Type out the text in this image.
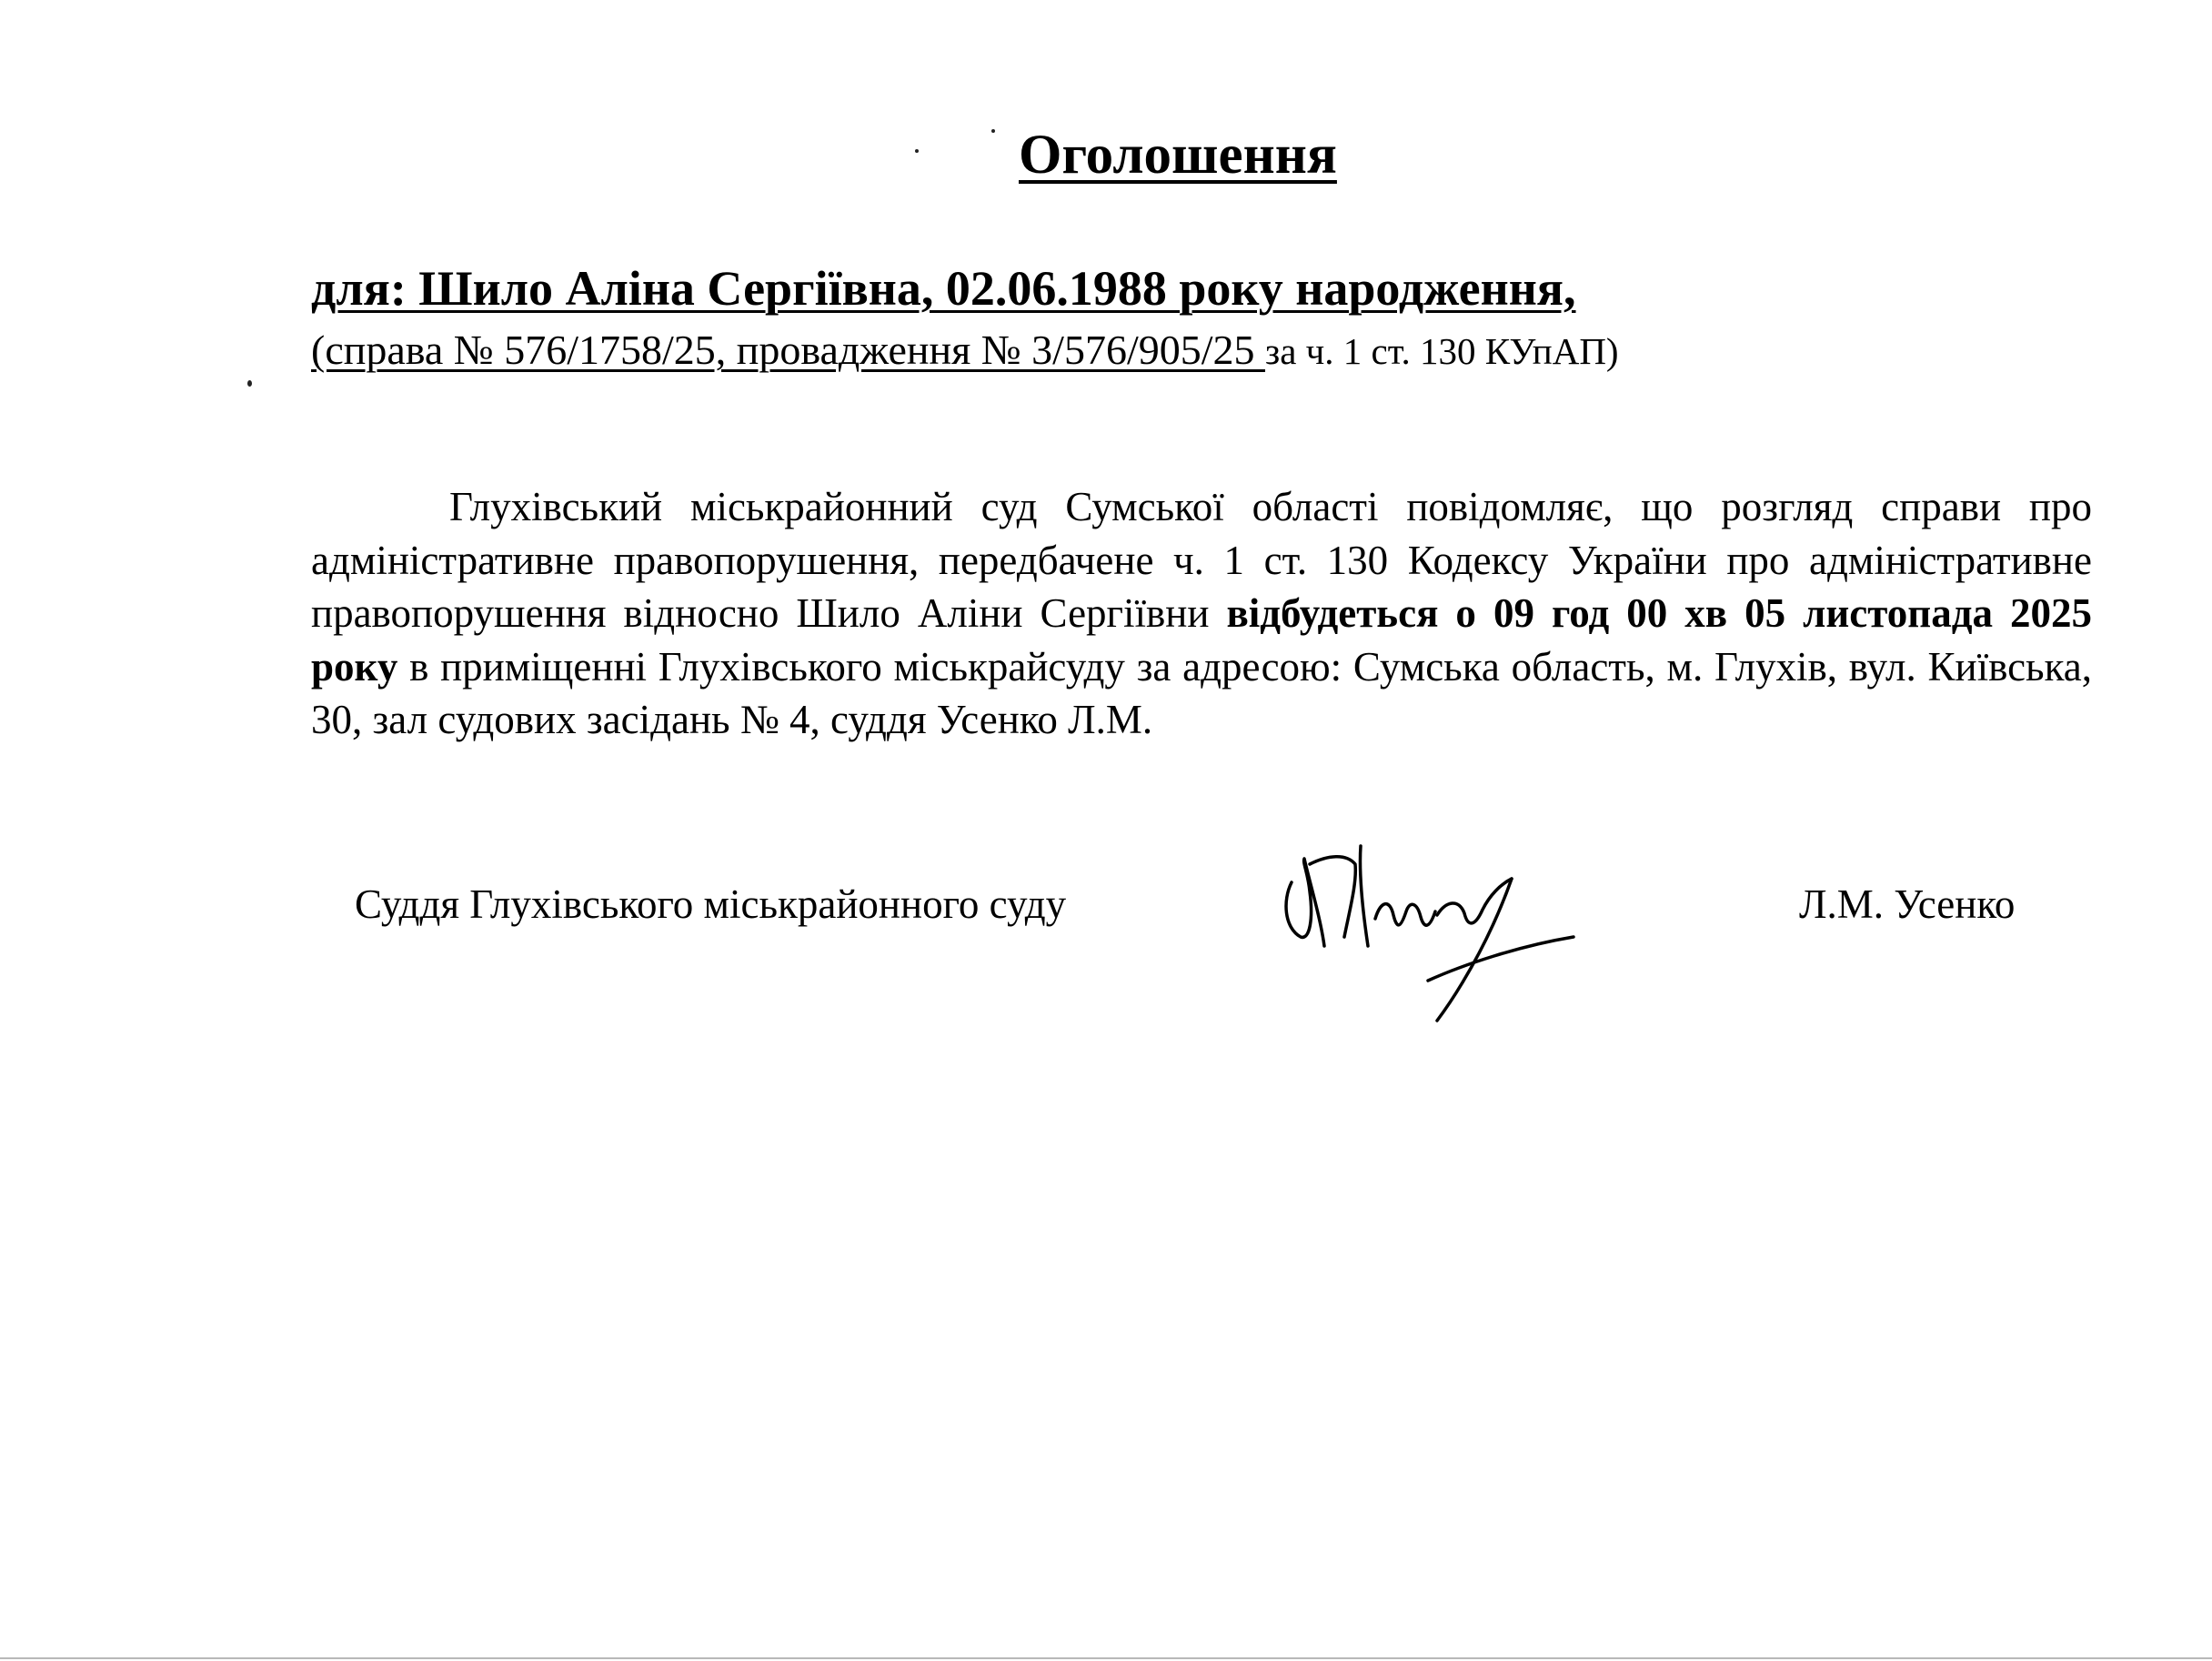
Оголошення
для: Шило Аліна Сергіївна, 02.06.1988 року народження,
(справа № 576/1758/25, провадження № 3/576/905/25 за ч. 1 ст. 130 КУпАП)
Глухівський міськрайонний суд Сумської області повідомляє, що розгляд справи про адміністративне правопорушення, передбачене ч. 1 ст. 130 Кодексу України про адміністративне правопорушення відносно Шило Аліни Сергіївни відбудеться о 09 год 00 хв 05 листопада 2025 року в приміщенні Глухівського міськрайсуду за адресою: Сумська область, м. Глухів, вул. Київська, 30, зал судових засідань № 4, суддя Усенко Л.М.
Суддя Глухівського міськрайонного суду	Л.М. Усенко
